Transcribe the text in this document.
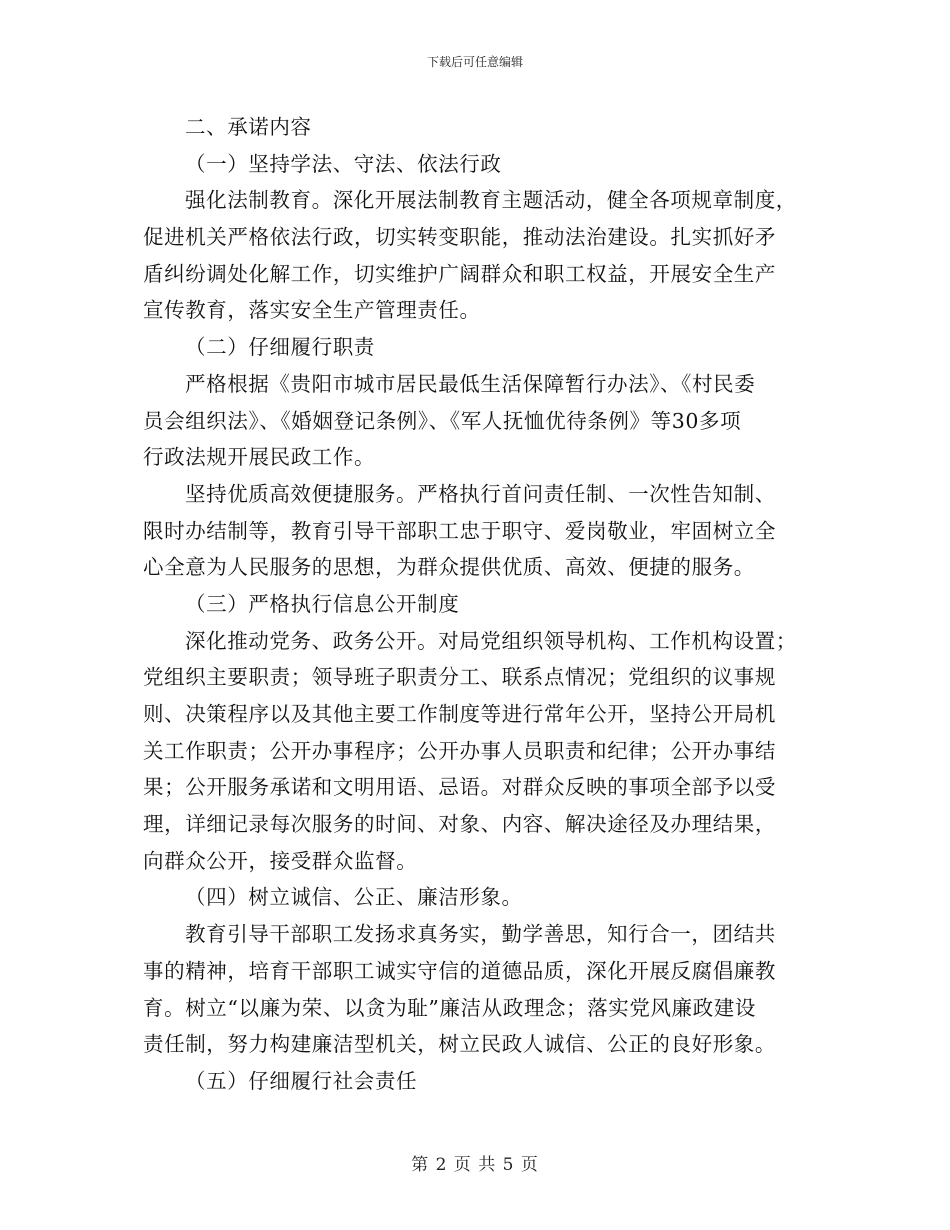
下载后可任意编辑
二、承诺内容
（一）坚持学法、守法、依法行政
强化法制教育。深化开展法制教育主题活动，健全各项规章制度，
促进机关严格依法行政，切实转变职能，推动法治建设。扎实抓好矛
盾纠纷调处化解工作，切实维护广阔群众和职工权益，开展安全生产
宣传教育，落实安全生产管理责任。
（二）仔细履行职责
严格根据《贵阳市城市居民最低生活保障暂行办法》、《村民委
员会组织法》、《婚姻登记条例》、《军人抚恤优待条例》等30多项
行政法规开展民政工作。
坚持优质高效便捷服务。严格执行首问责任制、一次性告知制、
限时办结制等，教育引导干部职工忠于职守、爱岗敬业，牢固树立全
心全意为人民服务的思想，为群众提供优质、高效、便捷的服务。
（三）严格执行信息公开制度
深化推动党务、政务公开。对局党组织领导机构、工作机构设置；
党组织主要职责；领导班子职责分工、联系点情况；党组织的议事规
则、决策程序以及其他主要工作制度等进行常年公开，坚持公开局机
关工作职责；公开办事程序；公开办事人员职责和纪律；公开办事结
果；公开服务承诺和文明用语、忌语。对群众反映的事项全部予以受
理，详细记录每次服务的时间、对象、内容、解决途径及办理结果，
向群众公开，接受群众监督。
（四）树立诚信、公正、廉洁形象。
教育引导干部职工发扬求真务实，勤学善思，知行合一，团结共
事的精神，培育干部职工诚实守信的道德品质，深化开展反腐倡廉教
育。树立“以廉为荣、以贪为耻”廉洁从政理念；落实党风廉政建设
责任制，努力构建廉洁型机关，树立民政人诚信、公正的良好形象。
（五）仔细履行社会责任
第 2 页 共 5 页
